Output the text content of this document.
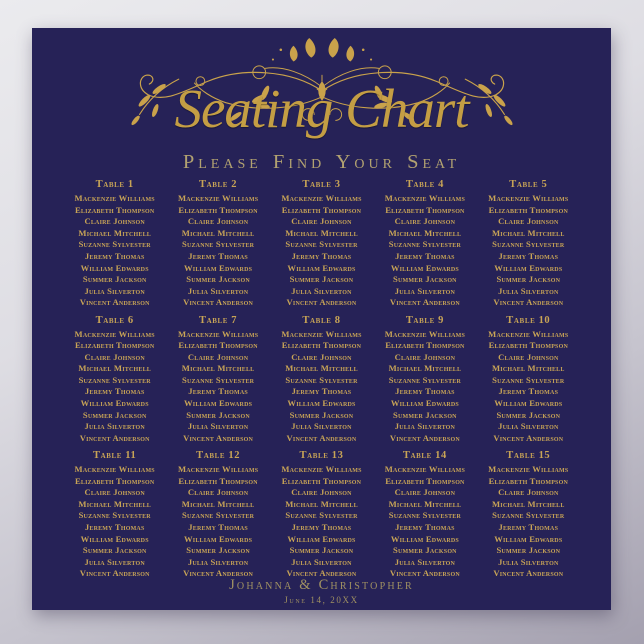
Seating Chart
Please Find Your Seat
Table 1
Mackenzie Williams
Elizabeth Thompson
Claire Johnson
Michael Mitchell
Suzanne Sylvester
Jeremy Thomas
William Edwards
Summer Jackson
Julia Silverton
Vincent Anderson
Table 2
Mackenzie Williams
Elizabeth Thompson
Claire Johnson
Michael Mitchell
Suzanne Sylvester
Jeremy Thomas
William Edwards
Summer Jackson
Julia Silverton
Vincent Anderson
Table 3
Mackenzie Williams
Elizabeth Thompson
Claire Johnson
Michael Mitchell
Suzanne Sylvester
Jeremy Thomas
William Edwards
Summer Jackson
Julia Silverton
Vincent Anderson
Table 4
Mackenzie Williams
Elizabeth Thompson
Claire Johnson
Michael Mitchell
Suzanne Sylvester
Jeremy Thomas
William Edwards
Summer Jackson
Julia Silverton
Vincent Anderson
Table 5
Mackenzie Williams
Elizabeth Thompson
Claire Johnson
Michael Mitchell
Suzanne Sylvester
Jeremy Thomas
William Edwards
Summer Jackson
Julia Silverton
Vincent Anderson
Table 6
Mackenzie Williams
Elizabeth Thompson
Claire Johnson
Michael Mitchell
Suzanne Sylvester
Jeremy Thomas
William Edwards
Summer Jackson
Julia Silverton
Vincent Anderson
Table 7
Mackenzie Williams
Elizabeth Thompson
Claire Johnson
Michael Mitchell
Suzanne Sylvester
Jeremy Thomas
William Edwards
Summer Jackson
Julia Silverton
Vincent Anderson
Table 8
Mackenzie Williams
Elizabeth Thompson
Claire Johnson
Michael Mitchell
Suzanne Sylvester
Jeremy Thomas
William Edwards
Summer Jackson
Julia Silverton
Vincent Anderson
Table 9
Mackenzie Williams
Elizabeth Thompson
Claire Johnson
Michael Mitchell
Suzanne Sylvester
Jeremy Thomas
William Edwards
Summer Jackson
Julia Silverton
Vincent Anderson
Table 10
Mackenzie Williams
Elizabeth Thompson
Claire Johnson
Michael Mitchell
Suzanne Sylvester
Jeremy Thomas
William Edwards
Summer Jackson
Julia Silverton
Vincent Anderson
Table 11
Mackenzie Williams
Elizabeth Thompson
Claire Johnson
Michael Mitchell
Suzanne Sylvester
Jeremy Thomas
William Edwards
Summer Jackson
Julia Silverton
Vincent Anderson
Table 12
Mackenzie Williams
Elizabeth Thompson
Claire Johnson
Michael Mitchell
Suzanne Sylvester
Jeremy Thomas
William Edwards
Summer Jackson
Julia Silverton
Vincent Anderson
Table 13
Mackenzie Williams
Elizabeth Thompson
Claire Johnson
Michael Mitchell
Suzanne Sylvester
Jeremy Thomas
William Edwards
Summer Jackson
Julia Silverton
Vincent Anderson
Table 14
Mackenzie Williams
Elizabeth Thompson
Claire Johnson
Michael Mitchell
Suzanne Sylvester
Jeremy Thomas
William Edwards
Summer Jackson
Julia Silverton
Vincent Anderson
Table 15
Mackenzie Williams
Elizabeth Thompson
Claire Johnson
Michael Mitchell
Suzanne Sylvester
Jeremy Thomas
William Edwards
Summer Jackson
Julia Silverton
Vincent Anderson
Johanna & Christopher
June 14, 20XX
